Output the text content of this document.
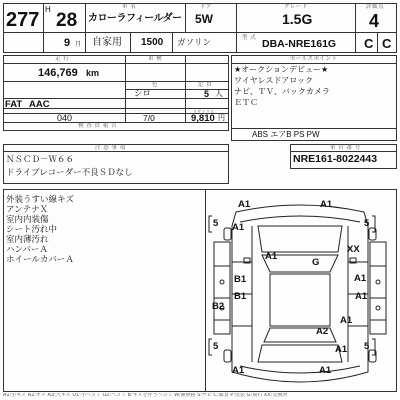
277 H
28
車 名	ドア	グレード	評価点
カローラフィールダー 5W	1.5G	4
9 月 自家用 1500 ガソリン	型 式 DBA-NRE161G C C
走 行	車 検
146,769 km
色	定 員
シロ	5 人
FAT AAC
リサイクル
040	7/0	9,810 円
検 査 員 報 告
セールスポイント
★オークションデビュー★
ワイヤレスドアロック
ナビ、ＴＶ、バックカメラ
ＥＴＣ
ABS エアB PS PW
注 意 事 項
ＮＳＣＤ－Ｗ６６
ドライブレコーダー不良ＳＤなし
車 台 番 号
NRE161-8022443
外装うすい線キズ
アンテナＸ
室内内装傷
シート汚れ中
室内薄汚れ
ハンバーＡ
ホイールカバーＡ
A1	A1
A1
5	5
XX
A1
G
B1	A1
B1	A1
B2
A1
A2
5	5
A1
A1	A1
A1:小キズ A2:キズ A3:大キズ U1:小ヘコミ U2:ヘコミ B:キズを伴うヘコミ W:補修跡 S:サビ C:腐食 P:塗装 G:飛石 XX:交換済
